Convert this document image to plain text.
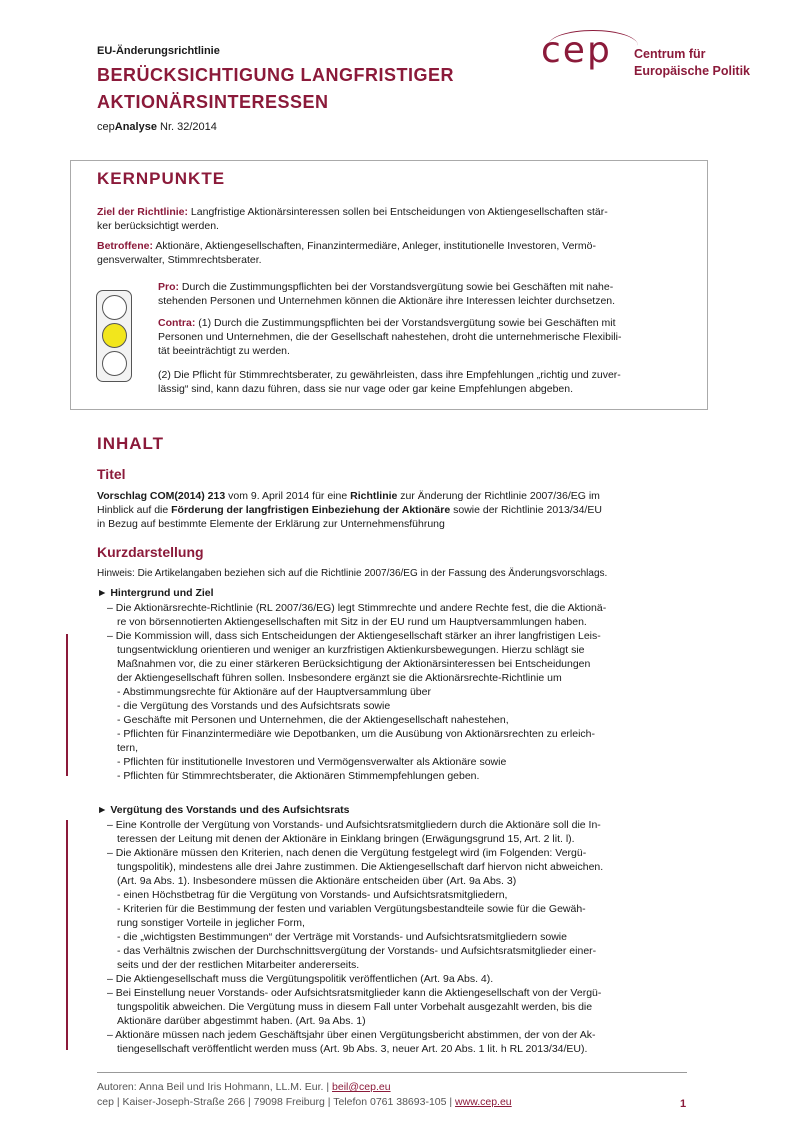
EU-Änderungsrichtlinie
BERÜCKSICHTIGUNG LANGFRISTIGER
AKTIONÄRSINTERESSEN
cepAnalyse Nr. 32/2014
cep Centrum für
Europäische Politik
KERNPUNKTE
Ziel der Richtlinie: Langfristige Aktionärsinteressen sollen bei Entscheidungen von Aktiengesellschaften stär-
ker berücksichtigt werden.
Betroffene: Aktionäre, Aktiengesellschaften, Finanzintermediäre, Anleger, institutionelle Investoren, Vermö-
gensverwalter, Stimmrechtsberater.
Pro: Durch die Zustimmungspflichten bei der Vorstandsvergütung sowie bei Geschäften mit nahe-
stehenden Personen und Unternehmen können die Aktionäre ihre Interessen leichter durchsetzen.
Contra: (1) Durch die Zustimmungspflichten bei der Vorstandsvergütung sowie bei Geschäften mit
Personen und Unternehmen, die der Gesellschaft nahestehen, droht die unternehmerische Flexibili-
tät beeinträchtigt zu werden.
(2) Die Pflicht für Stimmrechtsberater, zu gewährleisten, dass ihre Empfehlungen „richtig und zuver-
lässig“ sind, kann dazu führen, dass sie nur vage oder gar keine Empfehlungen abgeben.
INHALT
Titel
Vorschlag COM(2014) 213 vom 9. April 2014 für eine Richtlinie zur Änderung der Richtlinie 2007/36/EG im
Hinblick auf die Förderung der langfristigen Einbeziehung der Aktionäre sowie der Richtlinie 2013/34/EU
in Bezug auf bestimmte Elemente der Erklärung zur Unternehmensführung
Kurzdarstellung
Hinweis: Die Artikelangaben beziehen sich auf die Richtlinie 2007/36/EG in der Fassung des Änderungsvorschlags.
► Hintergrund und Ziel
– Die Aktionärsrechte-Richtlinie (RL 2007/36/EG) legt Stimmrechte und andere Rechte fest, die die Aktionä-
re von börsennotierten Aktiengesellschaften mit Sitz in der EU rund um Hauptversammlungen haben.
– Die Kommission will, dass sich Entscheidungen der Aktiengesellschaft stärker an ihrer langfristigen Leis-
tungsentwicklung orientieren und weniger an kurzfristigen Aktienkursbewegungen. Hierzu schlägt sie
Maßnahmen vor, die zu einer stärkeren Berücksichtigung der Aktionärsinteressen bei Entscheidungen
der Aktiengesellschaft führen sollen. Insbesondere ergänzt sie die Aktionärsrechte-Richtlinie um
- Abstimmungsrechte für Aktionäre auf der Hauptversammlung über
- die Vergütung des Vorstands und des Aufsichtsrats sowie
- Geschäfte mit Personen und Unternehmen, die der Aktiengesellschaft nahestehen,
- Pflichten für Finanzintermediäre wie Depotbanken, um die Ausübung von Aktionärsrechten zu erleich-
tern,
- Pflichten für institutionelle Investoren und Vermögensverwalter als Aktionäre sowie
- Pflichten für Stimmrechtsberater, die Aktionären Stimmempfehlungen geben.
► Vergütung des Vorstands und des Aufsichtsrats
– Eine Kontrolle der Vergütung von Vorstands- und Aufsichtsratsmitgliedern durch die Aktionäre soll die In-
teressen der Leitung mit denen der Aktionäre in Einklang bringen (Erwägungsgrund 15, Art. 2 lit. l).
– Die Aktionäre müssen den Kriterien, nach denen die Vergütung festgelegt wird (im Folgenden: Vergü-
tungspolitik), mindestens alle drei Jahre zustimmen. Die Aktiengesellschaft darf hiervon nicht abweichen.
(Art. 9a Abs. 1). Insbesondere müssen die Aktionäre entscheiden über (Art. 9a Abs. 3)
- einen Höchstbetrag für die Vergütung von Vorstands- und Aufsichtsratsmitgliedern,
- Kriterien für die Bestimmung der festen und variablen Vergütungsbestandteile sowie für die Gewäh-
rung sonstiger Vorteile in jeglicher Form,
- die „wichtigsten Bestimmungen“ der Verträge mit Vorstands- und Aufsichtsratsmitgliedern sowie
- das Verhältnis zwischen der Durchschnittsvergütung der Vorstands- und Aufsichtsratsmitglieder einer-
seits und der der restlichen Mitarbeiter andererseits.
– Die Aktiengesellschaft muss die Vergütungspolitik veröffentlichen (Art. 9a Abs. 4).
– Bei Einstellung neuer Vorstands- oder Aufsichtsratsmitglieder kann die Aktiengesellschaft von der Vergü-
tungspolitik abweichen. Die Vergütung muss in diesem Fall unter Vorbehalt ausgezahlt werden, bis die
Aktionäre darüber abgestimmt haben. (Art. 9a Abs. 1)
– Aktionäre müssen nach jedem Geschäftsjahr über einen Vergütungsbericht abstimmen, der von der Ak-
tiengesellschaft veröffentlicht werden muss (Art. 9b Abs. 3, neuer Art. 20 Abs. 1 lit. h RL 2013/34/EU).
Autoren: Anna Beil und Iris Hohmann, LL.M. Eur. | beil@cep.eu
cep | Kaiser-Joseph-Straße 266 | 79098 Freiburg | Telefon 0761 38693-105 | www.cep.eu	1
